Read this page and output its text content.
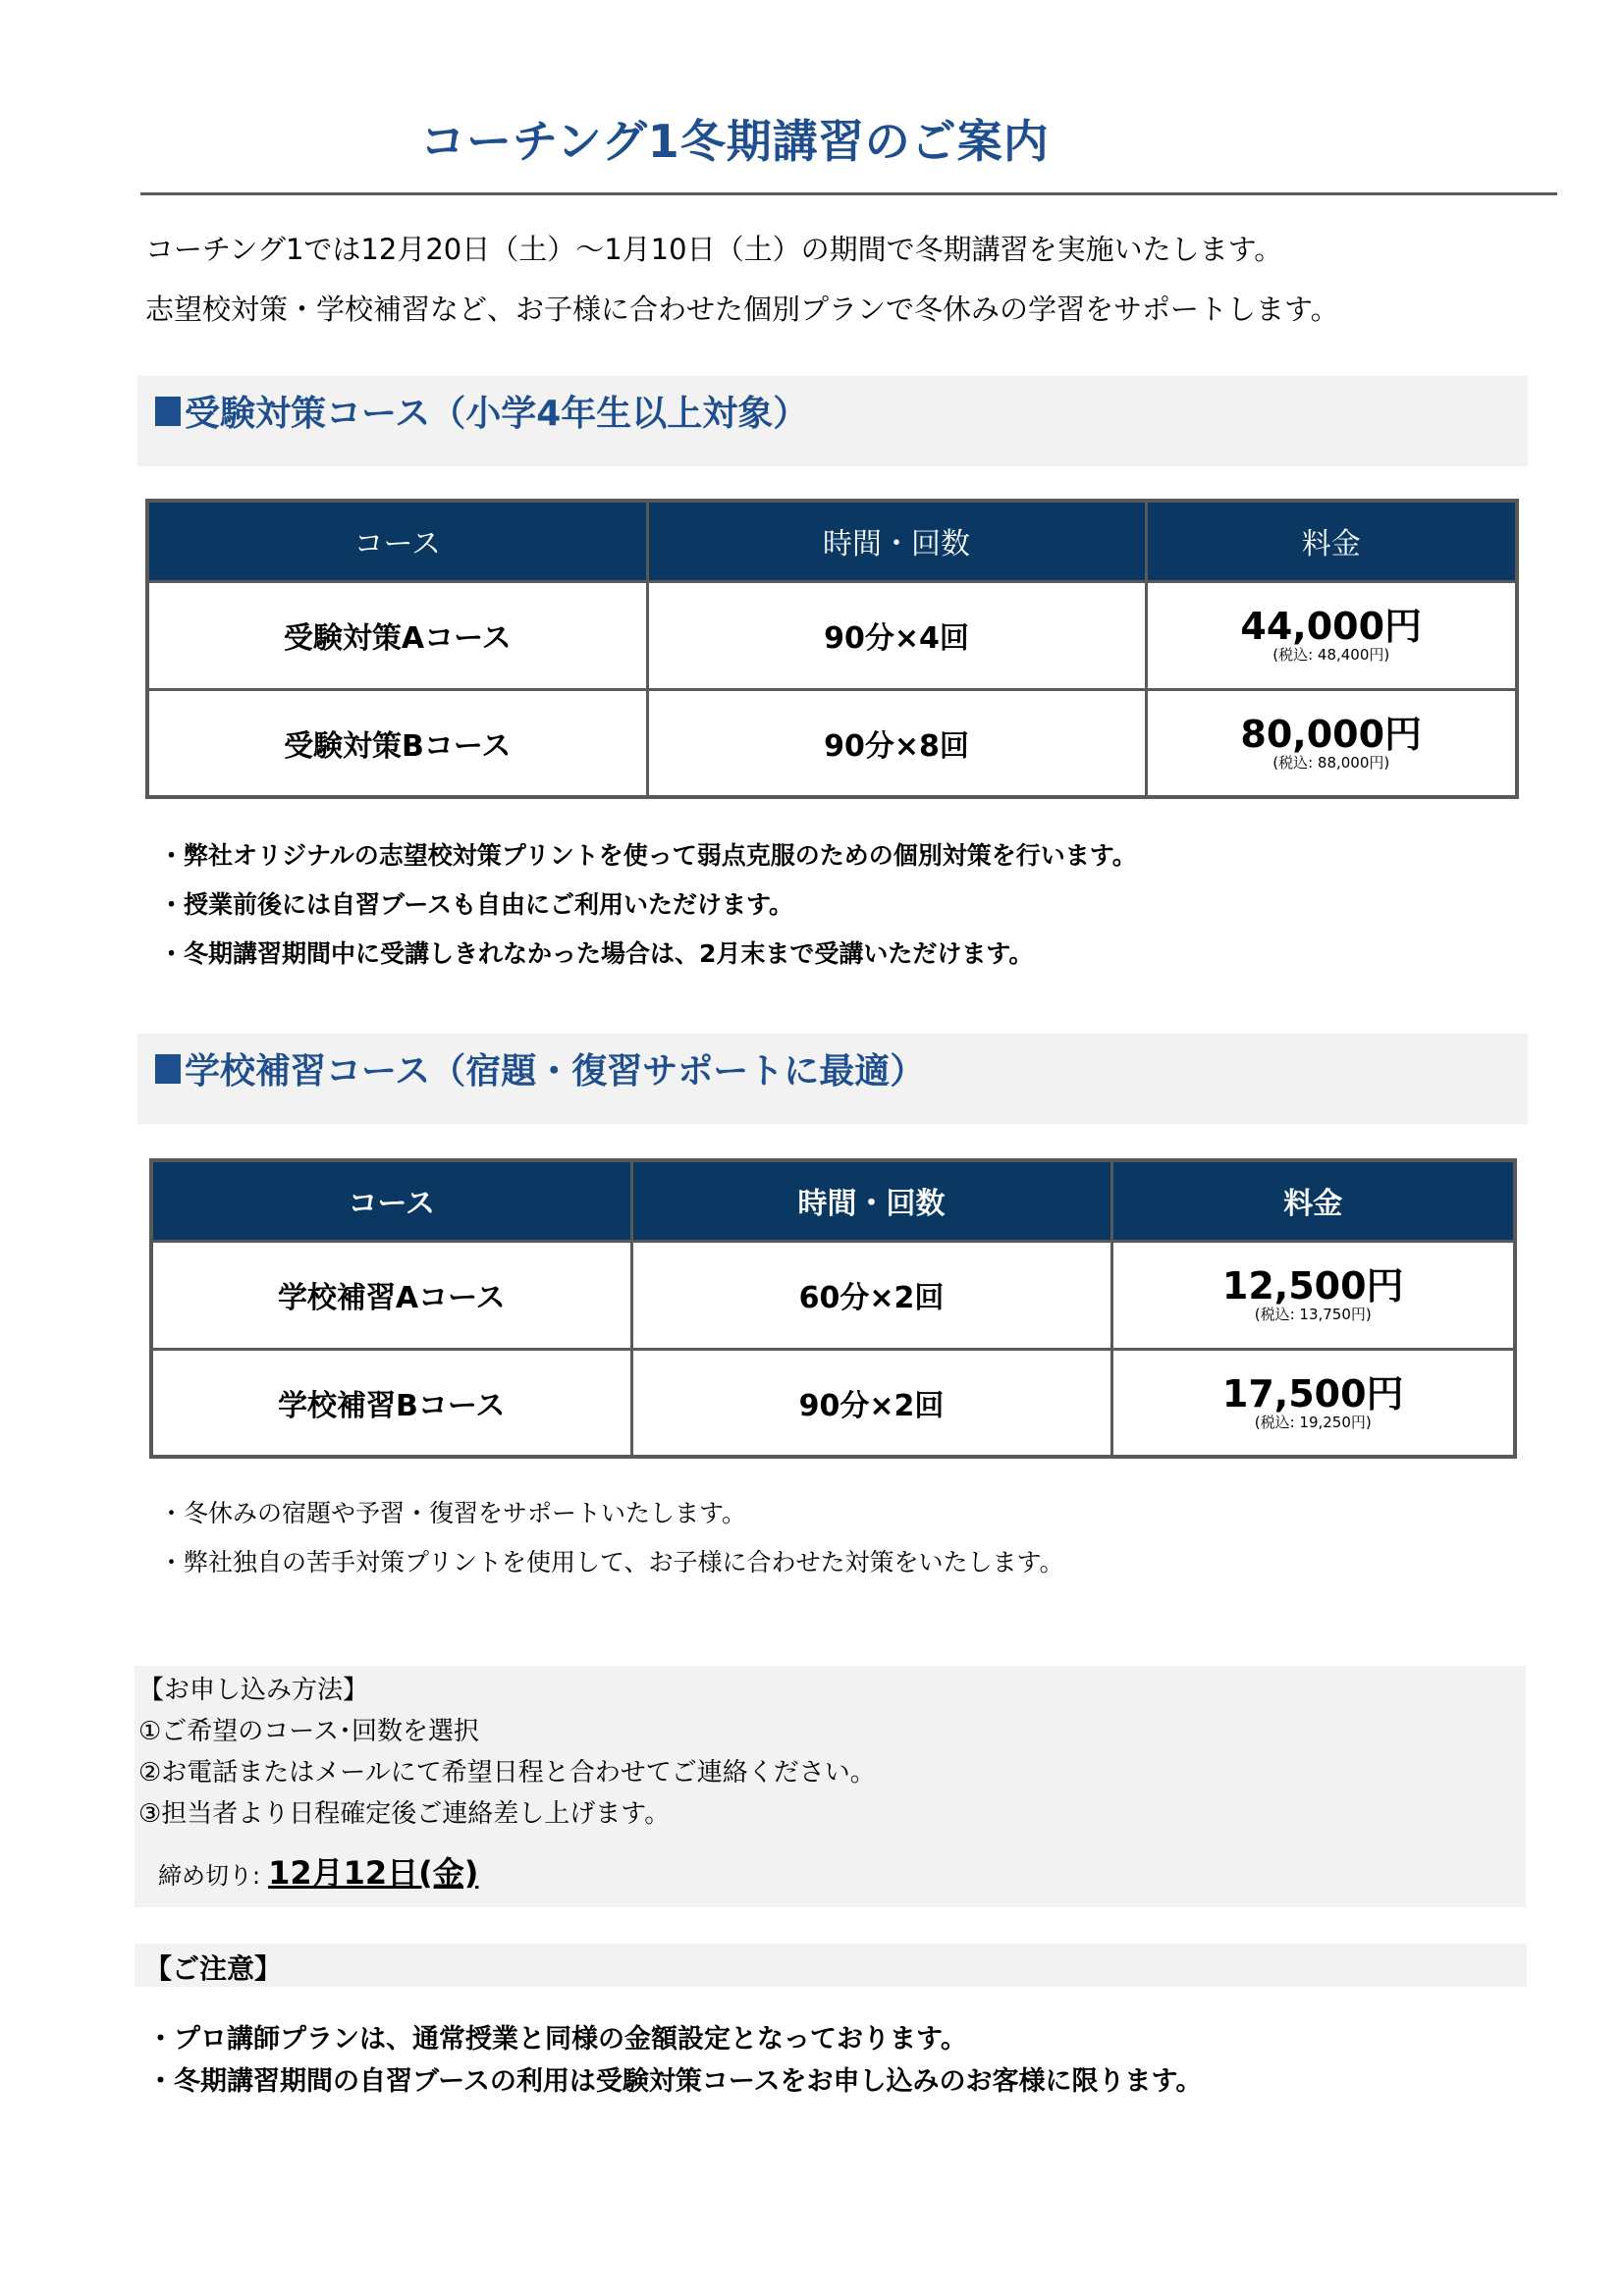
コーチング1冬期講習のご案内

コーチング1では12月20日（土）～1月10日（土）の期間で冬期講習を実施いたします。

志望校対策・学校補習など、お子様に合わせた個別プランで冬休みの学習をサポートします。

受験対策コース（小学4年生以上対象）
コース	時間・回数	料金
受験対策Aコース	90分×4回	44,000円
(税込: 48,400円)

受験対策Bコース	90分×8回	80,000円
(税込: 88,000円)

・弊社オリジナルの志望校対策プリントを使って弱点克服のための個別対策を行います。

・授業前後には自習ブースも自由にご利用いただけます。

・冬期講習期間中に受講しきれなかった場合は、2月末まで受講いただけます。

学校補習コース（宿題・復習サポートに最適）
コース	時間・回数	料金
学校補習Aコース	60分×2回	12,500円
(税込: 13,750円)

学校補習Bコース	90分×2回	17,500円
(税込: 19,250円)

・冬休みの宿題や予習・復習をサポートいたします。

・弊社独自の苦手対策プリントを使用して、お子様に合わせた対策をいたします。

【お申し込み方法】

①ご希望のコース･回数を選択

②お電話またはメールにて希望日程と合わせてご連絡ください。

③担当者より日程確定後ご連絡差し上げます。

締め切り: 12月12日(金)

【ご注意】

・プロ講師プランは、通常授業と同様の金額設定となっております。

・冬期講習期間の自習ブースの利用は受験対策コースをお申し込みのお客様に限ります。
